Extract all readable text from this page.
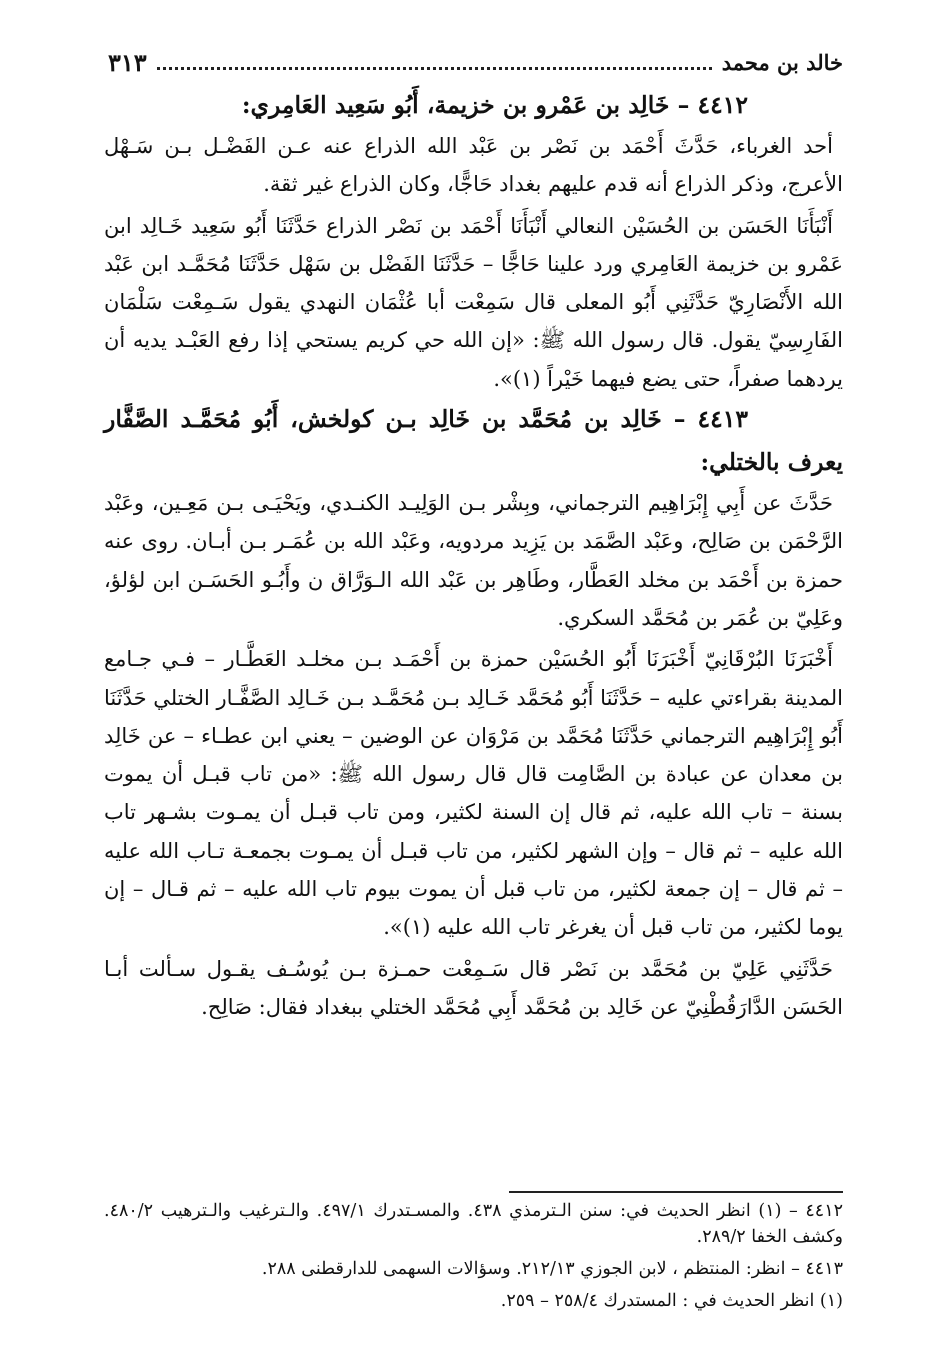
خالد بن محمد
٣١٣
٤٤١٢ – خَالِد بن عَمْرو بن خزيمة، أَبُو سَعِيد العَامِري:

أحد الغرباء، حَدَّثَ أَحْمَد بن نَصْر بن عَبْد الله الذراع عنه عـن الفَضْـل بـن سَـهْل الأعرج، وذكر الذراع أنه قدم عليهم بغداد حَاجًّا، وكان الذراع غير ثقة.

أَنْبَأَنَا الحَسَن بن الحُسَيْن النعالي أَنْبَأَنَا أَحْمَد بن نَصْر الذراع حَدَّثَنَا أَبُو سَعِيد خَـالِد ابن عَمْرو بن خزيمة العَامِري ورد علينا حَاجًّا – حَدَّثَنَا الفَضْل بن سَهْل حَدَّثَنَا مُحَمَّـد ابن عَبْد الله الأَنْصَارِيّ حَدَّثَنِي أَبُو المعلى قال سَمِعْت أبا عُثْمَان النهدي يقول سَـمِعْت سَلْمَان الفَارِسِيّ يقول. قال رسول الله ﷺ: «إن الله حي كريم يستحي إذا رفع العَبْـد يديه أن يردهما صفراً، حتى يضع فيهما خَيْراً (١)».

٤٤١٣ – خَالِد بن مُحَمَّد بن خَالِد بـن كولخش، أَبُو مُحَمَّـد الصَّفَّار يعرف بالختلي:

حَدَّثَ عن أَبِي إِبْرَاهِيم الترجماني، وبِشْر بـن الوَلِيـد الكنـدي، ويَحْيَـى بـن مَعِـين، وعَبْد الرَّحْمَن بن صَالِح، وعَبْد الصَّمَد بن يَزِيد مردويه، وعَبْد الله بن عُمَـر بـن أبـان. روى عنه حمزة بن أَحْمَد بن مخلد العَطَّار، وطَاهِر بن عَبْد الله الـوَرَّاق ن وأَبُـو الحَسَـن ابن لؤلؤ، وعَلِيّ بن عُمَر بن مُحَمَّد السكري.

أَخْبَرَنَا البُرْقَانِيّ أَخْبَرَنَا أَبُو الحُسَيْن حمزة بن أَحْمَـد بـن مخلـد العَطَّـار – فـي جـامع المدينة بقراءتي عليه – حَدَّثَنَا أَبُو مُحَمَّد خَـالِد بـن مُحَمَّـد بـن خَـالِد الصَّفَّـار الختلي حَدَّثَنَا أَبُو إِبْرَاهِيم الترجماني حَدَّثَنَا مُحَمَّد بن مَرْوَان عن الوضين – يعني ابن عطـاء – عن خَالِد بن معدان عن عبادة بن الصَّامِت قال قال رسول الله ﷺ: «من تاب قبـل أن يموت بسنة – تاب الله عليه، ثم قال إن السنة لكثير، ومن تاب قبـل أن يمـوت بشـهر تاب الله عليه – ثم قال – وإن الشهر لكثير، من تاب قبـل أن يمـوت بجمعـة تـاب الله عليه – ثم قال – إن جمعة لكثير، من تاب قبل أن يموت بيوم تاب الله عليه – ثم قـال – إن يوما لكثير، من تاب قبل أن يغرغر تاب الله عليه (١)».

حَدَّثَنِي عَلِيّ بن مُحَمَّد بن نَصْر قال سَـمِعْت حمـزة بـن يُوسُـف يقـول سـألت أبـا الحَسَن الدَّارَقُطْنِيّ عن خَالِد بن مُحَمَّد أَبِي مُحَمَّد الختلي ببغداد فقال: صَالِح.

٤٤١٢ – (١) انظر الحديث في: سنن الـترمذي ٤٣٨. والمسـتدرك ٤٩٧/١. والـترغيب والـترهيب ٤٨٠/٢. وكشف الخفا ٢٨٩/٢.

٤٤١٣ – انظر: المنتظم ، لابن الجوزي ٢١٢/١٣. وسؤالات السهمى للدارقطنى ٢٨٨.

(١) انظر الحديث في : المستدرك ٢٥٨/٤ – ٢٥٩.
